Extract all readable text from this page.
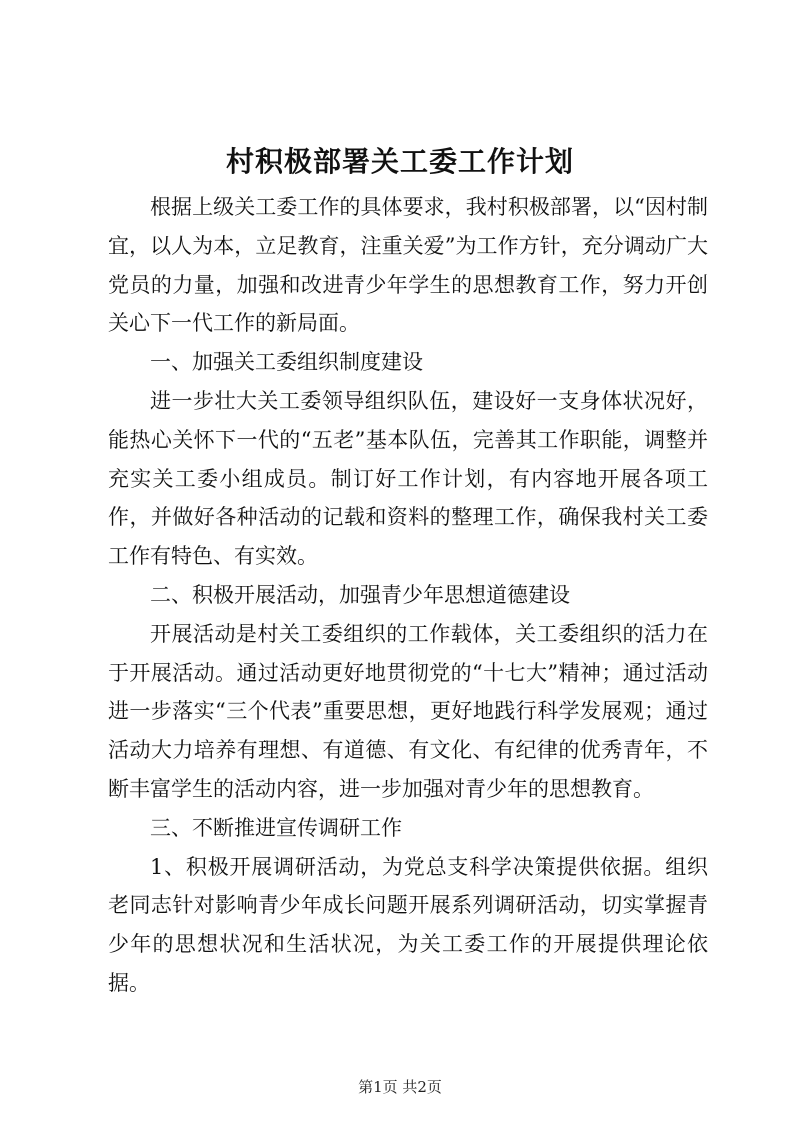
村积极部署关工委工作计划

根据上级关工委工作的具体要求，我村积极部署，以“因村制宜，以人为本，立足教育，注重关爱”为工作方针，充分调动广大党员的力量，加强和改进青少年学生的思想教育工作，努力开创关心下一代工作的新局面。

一、加强关工委组织制度建设

进一步壮大关工委领导组织队伍，建设好一支身体状况好，能热心关怀下一代的“五老”基本队伍，完善其工作职能，调整并充实关工委小组成员。制订好工作计划，有内容地开展各项工作，并做好各种活动的记载和资料的整理工作，确保我村关工委工作有特色、有实效。

二、积极开展活动，加强青少年思想道德建设

开展活动是村关工委组织的工作载体，关工委组织的活力在于开展活动。通过活动更好地贯彻党的“十七大”精神；通过活动进一步落实“三个代表”重要思想，更好地践行科学发展观；通过活动大力培养有理想、有道德、有文化、有纪律的优秀青年，不断丰富学生的活动内容，进一步加强对青少年的思想教育。

三、不断推进宣传调研工作

1、积极开展调研活动，为党总支科学决策提供依据。组织老同志针对影响青少年成长问题开展系列调研活动，切实掌握青少年的思想状况和生活状况，为关工委工作的开展提供理论依据。

第1页 共2页
